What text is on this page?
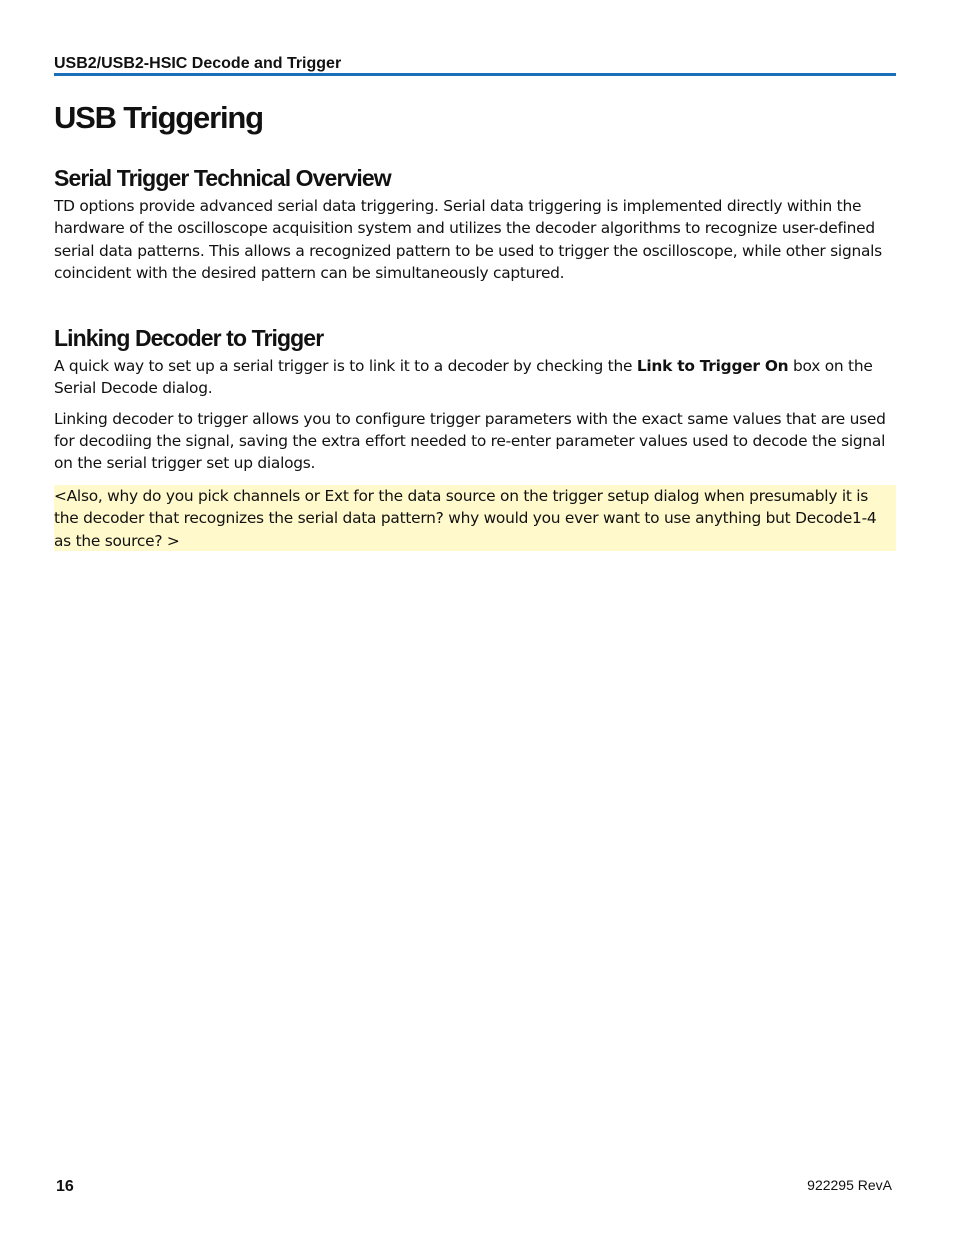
USB2/USB2-HSIC Decode and Trigger
USB Triggering
Serial Trigger Technical Overview

TD options provide advanced serial data triggering. Serial data triggering is implemented directly within the hardware of the oscilloscope acquisition system and utilizes the decoder algorithms to recognize user-defined serial data patterns. This allows a recognized pattern to be used to trigger the oscilloscope, while other signals coincident with the desired pattern can be simultaneously captured.

Linking Decoder to Trigger

A quick way to set up a serial trigger is to link it to a decoder by checking the Link to Trigger On box on the Serial Decode dialog.

Linking decoder to trigger allows you to configure trigger parameters with the exact same values that are used for decodiing the signal, saving the extra effort needed to re-enter parameter values used to decode the signal on the serial trigger set up dialogs.

<Also, why do you pick channels or Ext for the data source on the trigger setup dialog when presumably it is the decoder that recognizes the serial data pattern? why would you ever want to use anything but Decode1-4 as the source? >

16	922295 RevA
